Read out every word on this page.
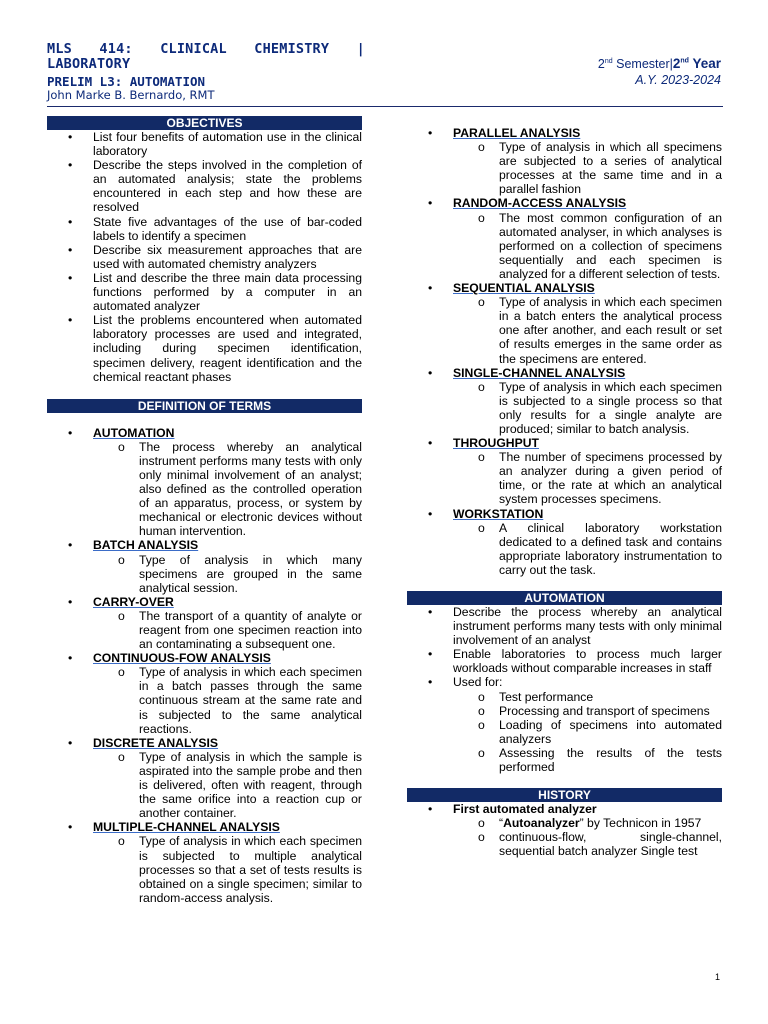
MLS 414: CLINICAL CHEMISTRY | LABORATORY
PRELIM L3: AUTOMATION
John Marke B. Bernardo, RMT
2nd Semester|2nd Year
A.Y. 2023-2024
OBJECTIVES
• List four benefits of automation use in the clinical laboratory
• Describe the steps involved in the completion of an automated analysis; state the problems encountered in each step and how these are resolved
• State five advantages of the use of bar-coded labels to identify a specimen
• Describe six measurement approaches that are used with automated chemistry analyzers
• List and describe the three main data processing functions performed by a computer in an automated analyzer
• List the problems encountered when automated laboratory processes are used and integrated, including during specimen identification, specimen delivery, reagent identification and the chemical reactant phases
DEFINITION OF TERMS
• AUTOMATION
o The process whereby an analytical instrument performs many tests with only only minimal involvement of an analyst; also defined as the controlled operation of an apparatus, process, or system by mechanical or electronic devices without human intervention.
• BATCH ANALYSIS
o Type of analysis in which many specimens are grouped in the same analytical session.
• CARRY-OVER
o The transport of a quantity of analyte or reagent from one specimen reaction into an contaminating a subsequent one.
• CONTINUOUS-FOW ANALYSIS
o Type of analysis in which each specimen in a batch passes through the same continuous stream at the same rate and is subjected to the same analytical reactions.
• DISCRETE ANALYSIS
o Type of analysis in which the sample is aspirated into the sample probe and then is delivered, often with reagent, through the same orifice into a reaction cup or another container.
• MULTIPLE-CHANNEL ANALYSIS
o Type of analysis in which each specimen is subjected to multiple analytical processes so that a set of tests results is obtained on a single specimen; similar to random-access analysis.
• PARALLEL ANALYSIS
o Type of analysis in which all specimens are subjected to a series of analytical processes at the same time and in a parallel fashion
• RANDOM-ACCESS ANALYSIS
o The most common configuration of an automated analyser, in which analyses is performed on a collection of specimens sequentially and each specimen is analyzed for a different selection of tests.
• SEQUENTIAL ANALYSIS
o Type of analysis in which each specimen in a batch enters the analytical process one after another, and each result or set of results emerges in the same order as the specimens are entered.
• SINGLE-CHANNEL ANALYSIS
o Type of analysis in which each specimen is subjected to a single process so that only results for a single analyte are produced; similar to batch analysis.
• THROUGHPUT
o The number of specimens processed by an analyzer during a given period of time, or the rate at which an analytical system processes specimens.
• WORKSTATION
o A clinical laboratory workstation dedicated to a defined task and contains appropriate laboratory instrumentation to carry out the task.
AUTOMATION
• Describe the process whereby an analytical instrument performs many tests with only minimal involvement of an analyst
• Enable laboratories to process much larger workloads without comparable increases in staff
• Used for:
o Test performance
o Processing and transport of specimens
o Loading of specimens into automated analyzers
o Assessing the results of the tests performed
HISTORY
• First automated analyzer
o “Autoanalyzer” by Technicon in 1957
o continuous-flow, single-channel, sequential batch analyzer Single test
1
